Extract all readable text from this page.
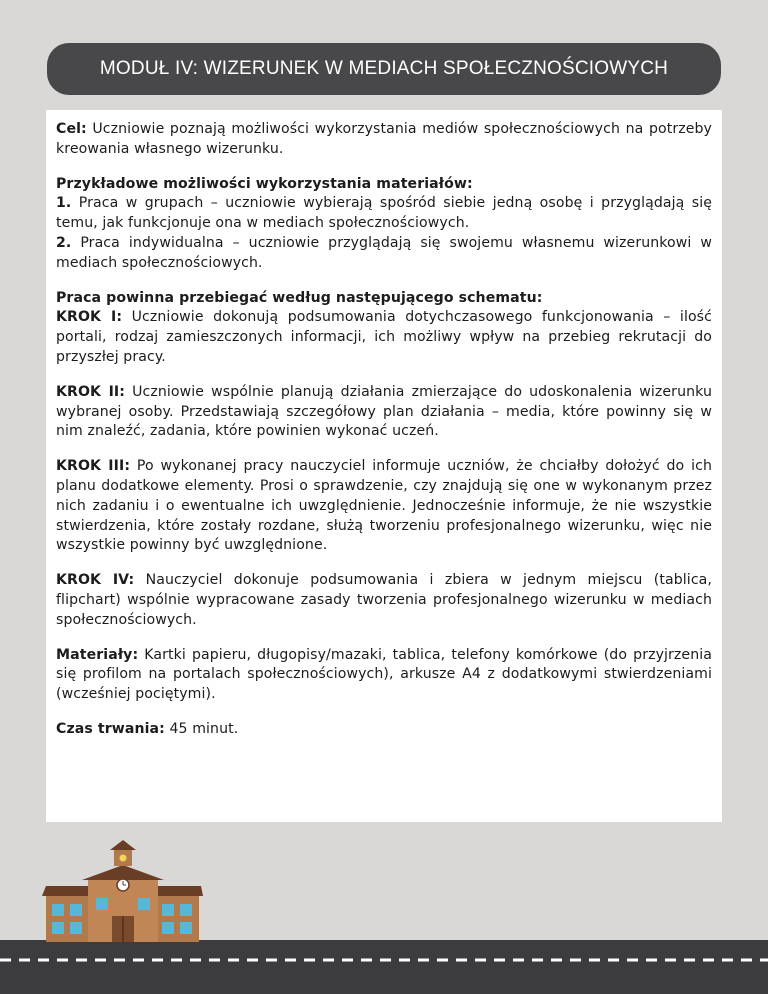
MODUŁ IV: WIZERUNEK W MEDIACH SPOŁECZNOŚCIOWYCH

Cel: Uczniowie poznają możliwości wykorzystania mediów społecznościowych na potrzeby kreowania własnego wizerunku.

Przykładowe możliwości wykorzystania materiałów:
1. Praca w grupach – uczniowie wybierają spośród siebie jedną osobę i przyglądają się temu, jak funkcjonuje ona w mediach społecznościowych.
2. Praca indywidualna – uczniowie przyglądają się swojemu własnemu wizerunkowi w mediach społecznościowych.

Praca powinna przebiegać według następującego schematu:
KROK I: Uczniowie dokonują podsumowania dotychczasowego funkcjonowania – ilość portali, rodzaj zamieszczonych informacji, ich możliwy wpływ na przebieg rekrutacji do przyszłej pracy.

KROK II: Uczniowie wspólnie planują działania zmierzające do udoskonalenia wizerunku wybranej osoby. Przedstawiają szczegółowy plan działania – media, które powinny się w nim znaleźć, zadania, które powinien wykonać uczeń.

KROK III: Po wykonanej pracy nauczyciel informuje uczniów, że chciałby dołożyć do ich planu dodatkowe elementy. Prosi o sprawdzenie, czy znajdują się one w wykonanym przez nich zadaniu i o ewentualne ich uwzględnienie. Jednocześnie informuje, że nie wszystkie stwierdzenia, które zostały rozdane, służą tworzeniu profesjonalnego wizerunku, więc nie wszystkie powinny być uwzględnione.

KROK IV: Nauczyciel dokonuje podsumowania i zbiera w jednym miejscu (tablica, flipchart) wspólnie wypracowane zasady tworzenia profesjonalnego wizerunku w mediach społecznościowych.

Materiały: Kartki papieru, długopisy/mazaki, tablica, telefony komórkowe (do przyjrzenia się profilom na portalach społecznościowych), arkusze A4 z dodatkowymi stwierdzeniami (wcześniej pociętymi).

Czas trwania: 45 minut.
